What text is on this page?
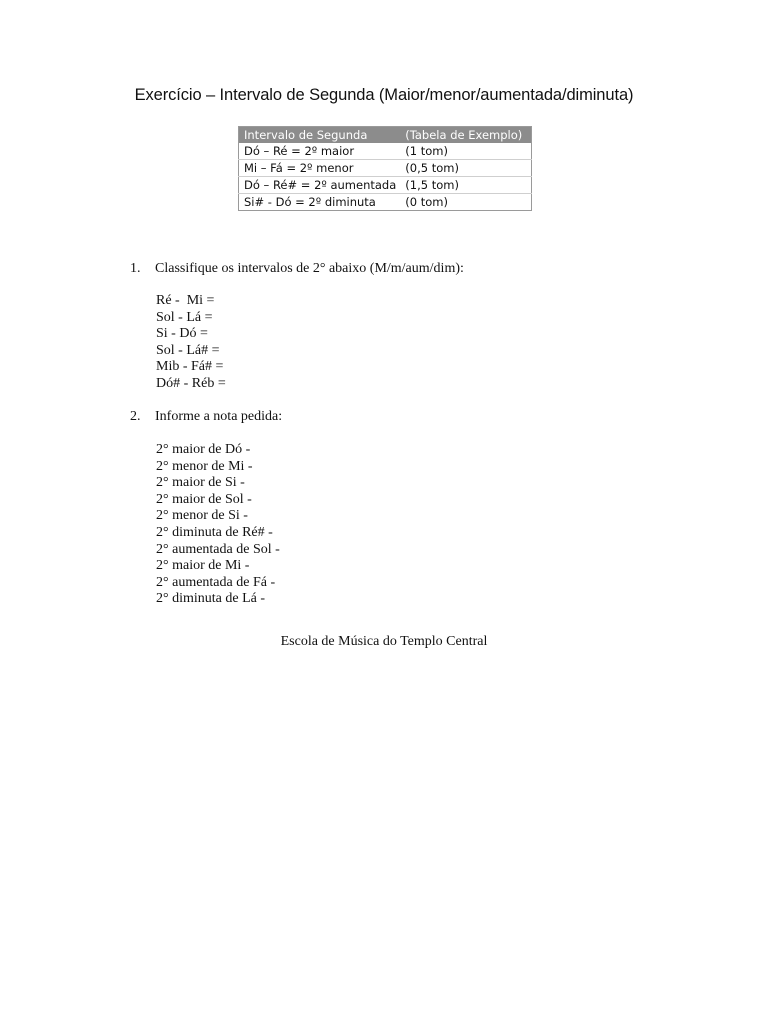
Exercício – Intervalo de Segunda (Maior/menor/aumentada/diminuta)
Intervalo de Segunda	(Tabela de Exemplo)
Dó – Ré = 2º maior	(1 tom)
Mi – Fá = 2º menor	(0,5 tom)
Dó – Ré# = 2º aumentada	(1,5 tom)
Si# - Dó = 2º diminuta	(0 tom)
1. Classifique os intervalos de 2° abaixo (M/m/aum/dim):
Ré -  Mi =
Sol - Lá =
Si - Dó =
Sol - Lá# =
Mib - Fá# =
Dó# - Réb =
2. Informe a nota pedida:
2° maior de Dó -
2° menor de Mi -
2° maior de Si -
2° maior de Sol -
2° menor de Si -
2° diminuta de Ré# -
2° aumentada de Sol -
2° maior de Mi -
2° aumentada de Fá -
2° diminuta de Lá -
Escola de Música do Templo Central
